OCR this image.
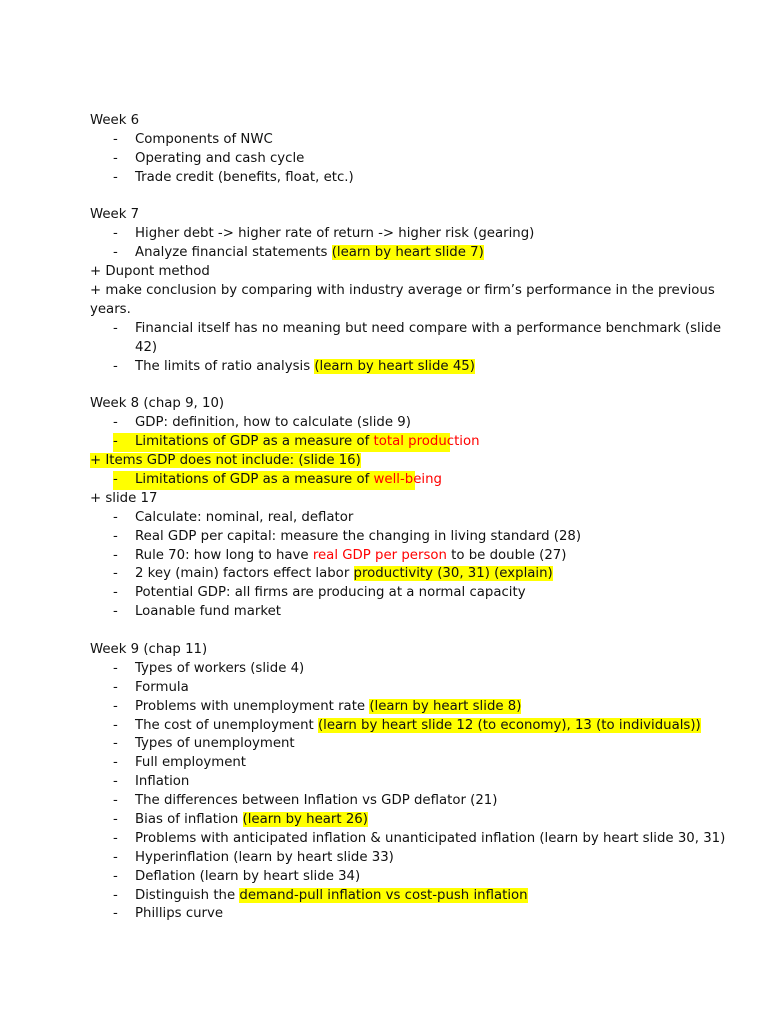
Week 6
- Components of NWC
- Operating and cash cycle
- Trade credit (benefits, float, etc.)
Week 7
- Higher debt -> higher rate of return -> higher risk (gearing)
- Analyze financial statements (learn by heart slide 7)
+ Dupont method
+ make conclusion by comparing with industry average or firm’s performance in the previous years.
- Financial itself has no meaning but need compare with a performance benchmark (slide 42)
- The limits of ratio analysis (learn by heart slide 45)
Week 8 (chap 9, 10)
- GDP: definition, how to calculate (slide 9)
- Limitations of GDP as a measure of total production
+ Items GDP does not include: (slide 16)
- Limitations of GDP as a measure of well-being
+ slide 17
- Calculate: nominal, real, deflator
- Real GDP per capital: measure the changing in living standard (28)
- Rule 70: how long to have real GDP per person to be double (27)
- 2 key (main) factors effect labor productivity (30, 31) (explain)
- Potential GDP: all firms are producing at a normal capacity
- Loanable fund market
Week 9 (chap 11)
- Types of workers (slide 4)
- Formula
- Problems with unemployment rate (learn by heart slide 8)
- The cost of unemployment (learn by heart slide 12 (to economy), 13 (to individuals))
- Types of unemployment
- Full employment
- Inflation
- The differences between Inflation vs GDP deflator (21)
- Bias of inflation (learn by heart 26)
- Problems with anticipated inflation & unanticipated inflation (learn by heart slide 30, 31)
- Hyperinflation (learn by heart slide 33)
- Deflation (learn by heart slide 34)
- Distinguish the demand-pull inflation vs cost-push inflation
- Phillips curve
